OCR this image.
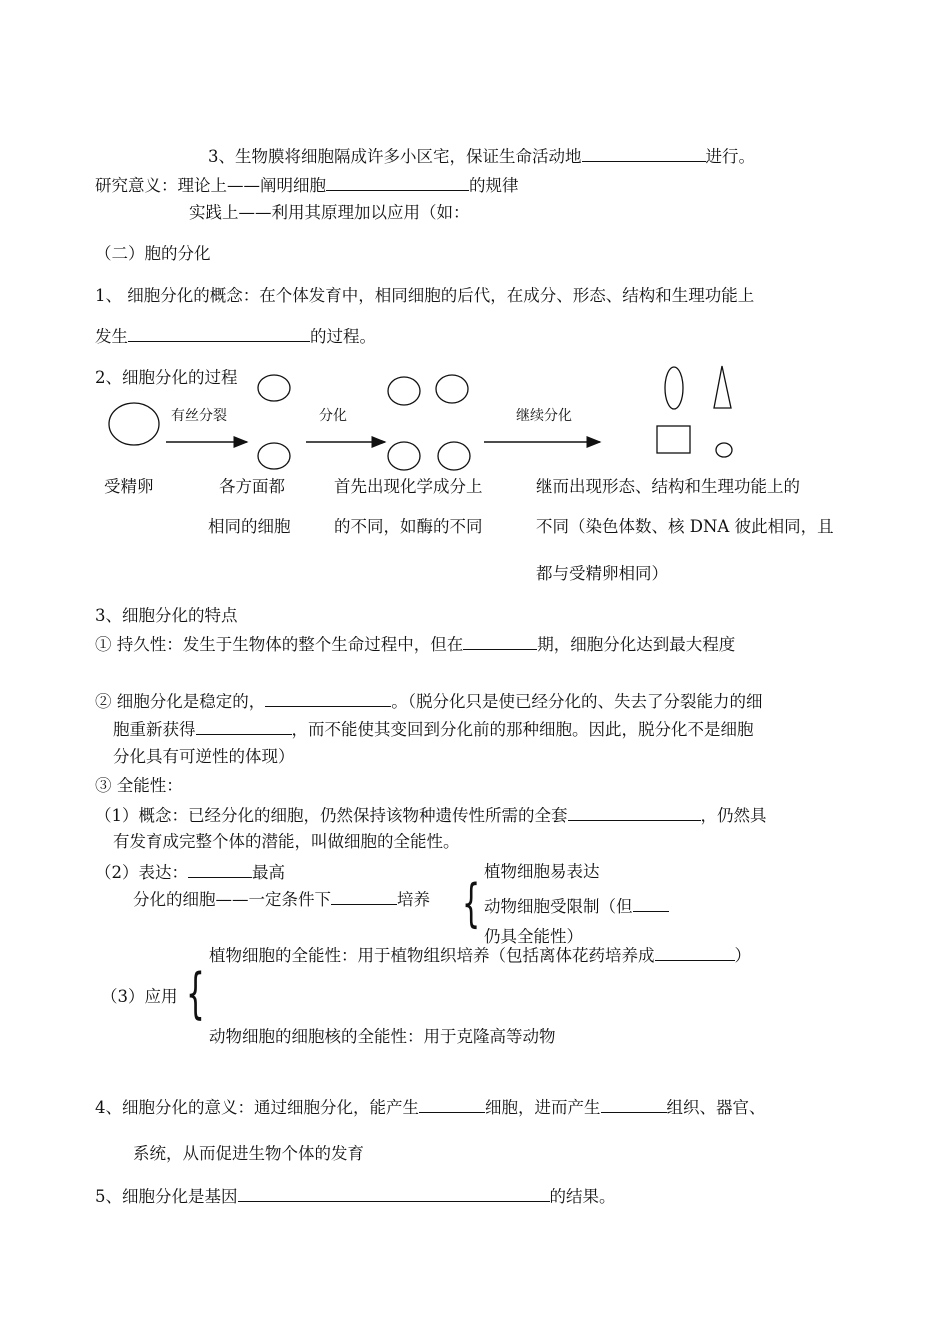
{
{
3、生物膜将细胞隔成许多小区宅，保证生命活动地	进行。
研究意义：理论上——阐明细胞	的规律
实践上——利用其原理加以应用（如：
（二）胞的分化
1、 细胞分化的概念：在个体发育中，相同细胞的后代，在成分、形态、结构和生理功能上
发生	的过程。
2、细胞分化的过程
有丝分裂	分化	继续分化
受精卵	各方面都
相同的细胞
首先出现化学成分上
的不同，如酶的不同
继而出现形态、结构和生理功能上的
不同（染色体数、核 DNA 彼此相同，且
都与受精卵相同）
3、细胞分化的特点
① 持久性：发生于生物体的整个生命过程中，但在	期，细胞分化达到最大程度
② 细胞分化是稳定的，	。（脱分化只是使已经分化的、失去了分裂能力的细
胞重新获得	，而不能使其变回到分化前的那种细胞。因此，脱分化不是细胞
分化具有可逆性的体现）
③ 全能性：
（1）概念：已经分化的细胞，仍然保持该物种遗传性所需的全套	，仍然具
有发育成完整个体的潜能，叫做细胞的全能性。
（2）表达：	最高
分化的细胞——一定条件下	培养
植物细胞易表达
动物细胞受限制（但
仍具全能性）
植物细胞的全能性：用于植物组织培养（包括离体花药培养成	）
（3）应用
动物细胞的细胞核的全能性：用于克隆高等动物
4、细胞分化的意义：通过细胞分化，能产生	细胞，进而产生	组织、器官、
系统，从而促进生物个体的发育
5、细胞分化是基因	的结果。
